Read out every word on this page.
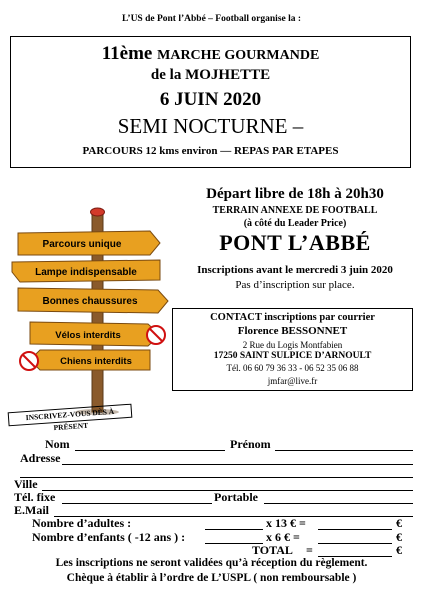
L’US de Pont l’Abbé – Football organise la :
11ème MARCHE GOURMANDE
de la MOJHETTE
6 JUIN 2020
SEMI NOCTURNE –
PARCOURS 12 kms environ — REPAS PAR ETAPES
Parcours unique
Lampe indispensable
Bonnes chaussures
Vélos interdits
Chiens interdits
Départ libre de 18h à 20h30
TERRAIN ANNEXE DE FOOTBALL
(à côté du Leader Price)
PONT L’ABBÉ
Inscriptions avant le mercredi 3 juin 2020
Pas d’inscription sur place.
CONTACT inscriptions par courrier
Florence BESSONNET
2 Rue du Logis Montfabien
17250 SAINT SULPICE D’ARNOULT
Tél. 06 60 79 36 33 - 06 52 35 06 88
jmfar@live.fr
INSCRIVEZ-VOUS DÈS À PRÉSENT
Nom	Prénom
Adresse
Ville
Tél. fixe	Portable
E.Mail
Nombre d’adultes :	x 13 € =	€
Nombre d’enfants ( -12 ans ) :	x 6 € =	€
TOTAL =	€
Les inscriptions ne seront validées qu’à réception du règlement.
Chèque à établir à l’ordre de L’USPL ( non remboursable )
